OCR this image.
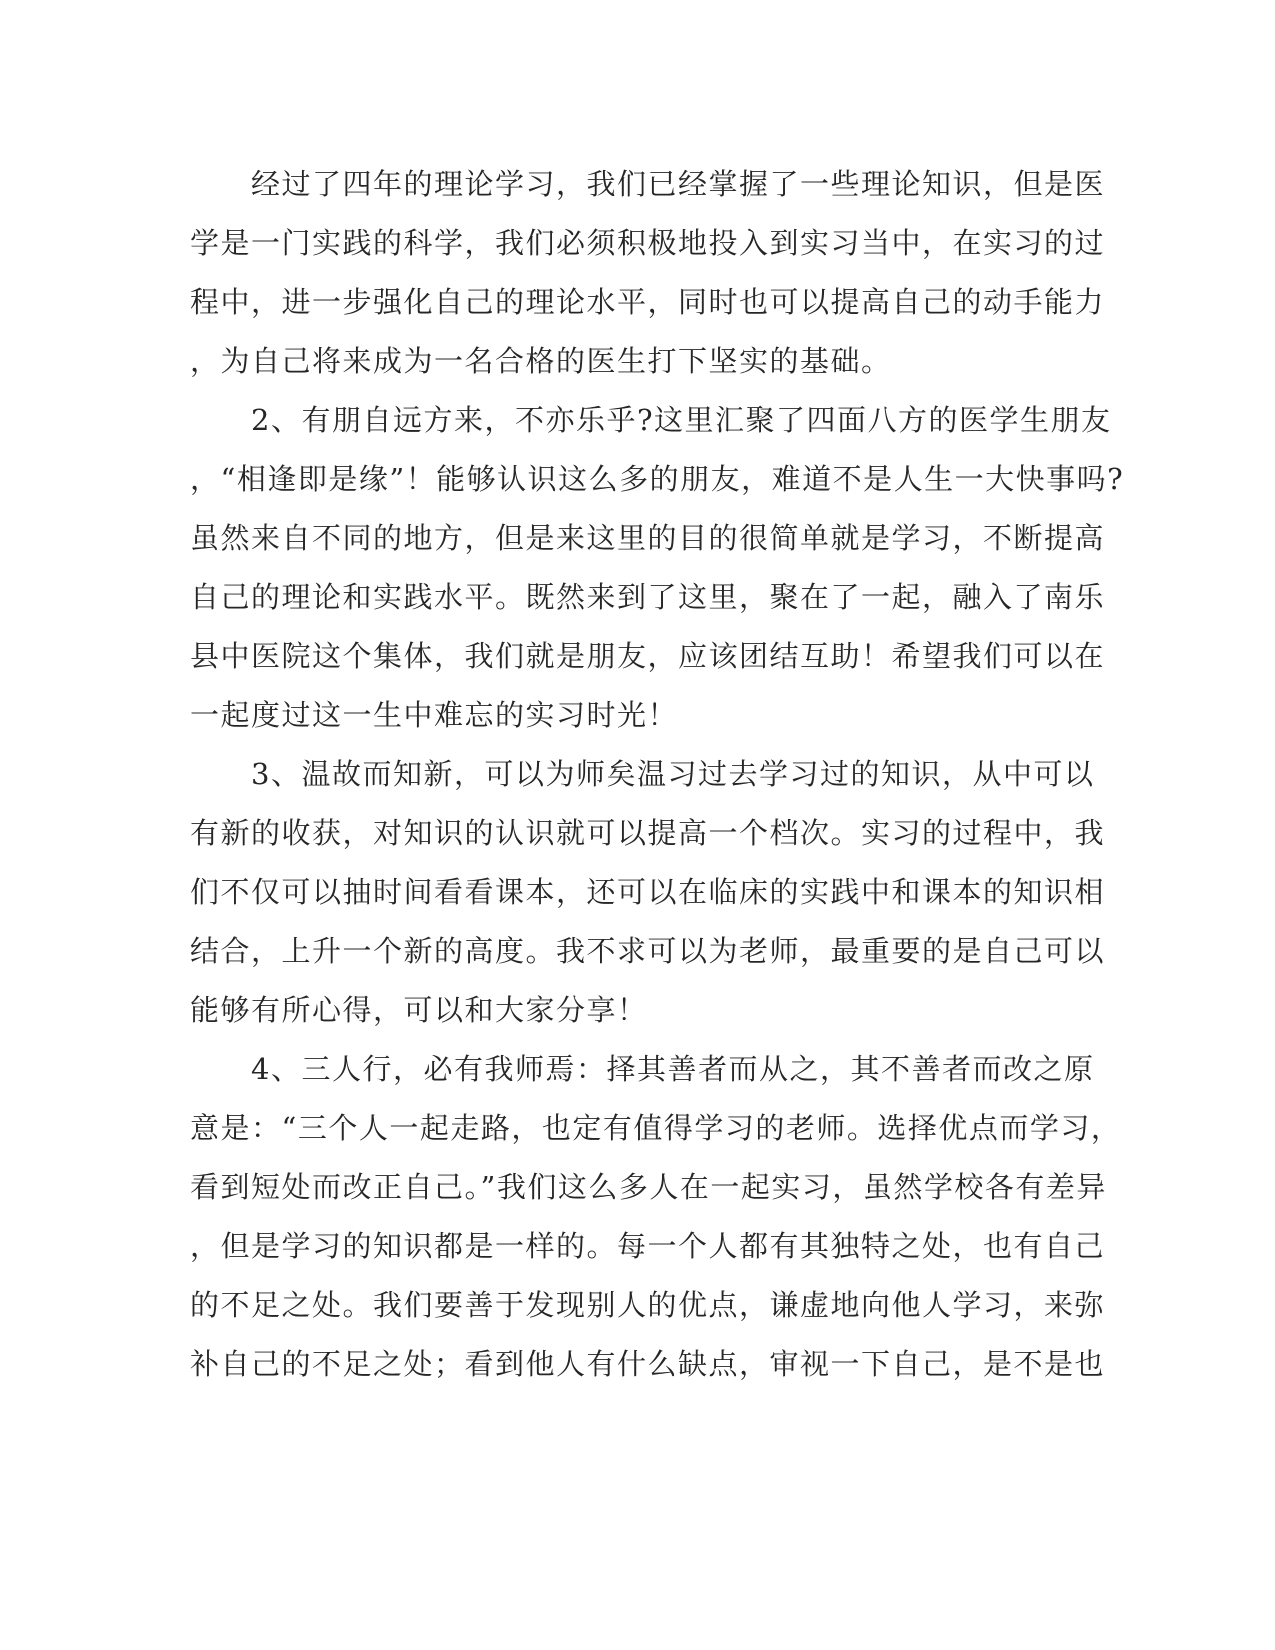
　　经过了四年的理论学习，我们已经掌握了一些理论知识，但是医

学是一门实践的科学，我们必须积极地投入到实习当中，在实习的过

程中，进一步强化自己的理论水平，同时也可以提高自己的动手能力

，为自己将来成为一名合格的医生打下坚实的基础。

　　2、有朋自远方来，不亦乐乎?这里汇聚了四面八方的医学生朋友

，“相逢即是缘”！能够认识这么多的朋友，难道不是人生一大快事吗?

虽然来自不同的地方，但是来这里的目的很简单就是学习，不断提高

自己的理论和实践水平。既然来到了这里，聚在了一起，融入了南乐

县中医院这个集体，我们就是朋友，应该团结互助！希望我们可以在

一起度过这一生中难忘的实习时光！

　　3、温故而知新，可以为师矣温习过去学习过的知识，从中可以

有新的收获，对知识的认识就可以提高一个档次。实习的过程中，我

们不仅可以抽时间看看课本，还可以在临床的实践中和课本的知识相

结合，上升一个新的高度。我不求可以为老师，最重要的是自己可以

能够有所心得，可以和大家分享！

　　4、三人行，必有我师焉：择其善者而从之，其不善者而改之原

意是：“三个人一起走路，也定有值得学习的老师。选择优点而学习，

看到短处而改正自己。”我们这么多人在一起实习，虽然学校各有差异

，但是学习的知识都是一样的。每一个人都有其独特之处，也有自己

的不足之处。我们要善于发现别人的优点，谦虚地向他人学习，来弥

补自己的不足之处；看到他人有什么缺点，审视一下自己，是不是也
